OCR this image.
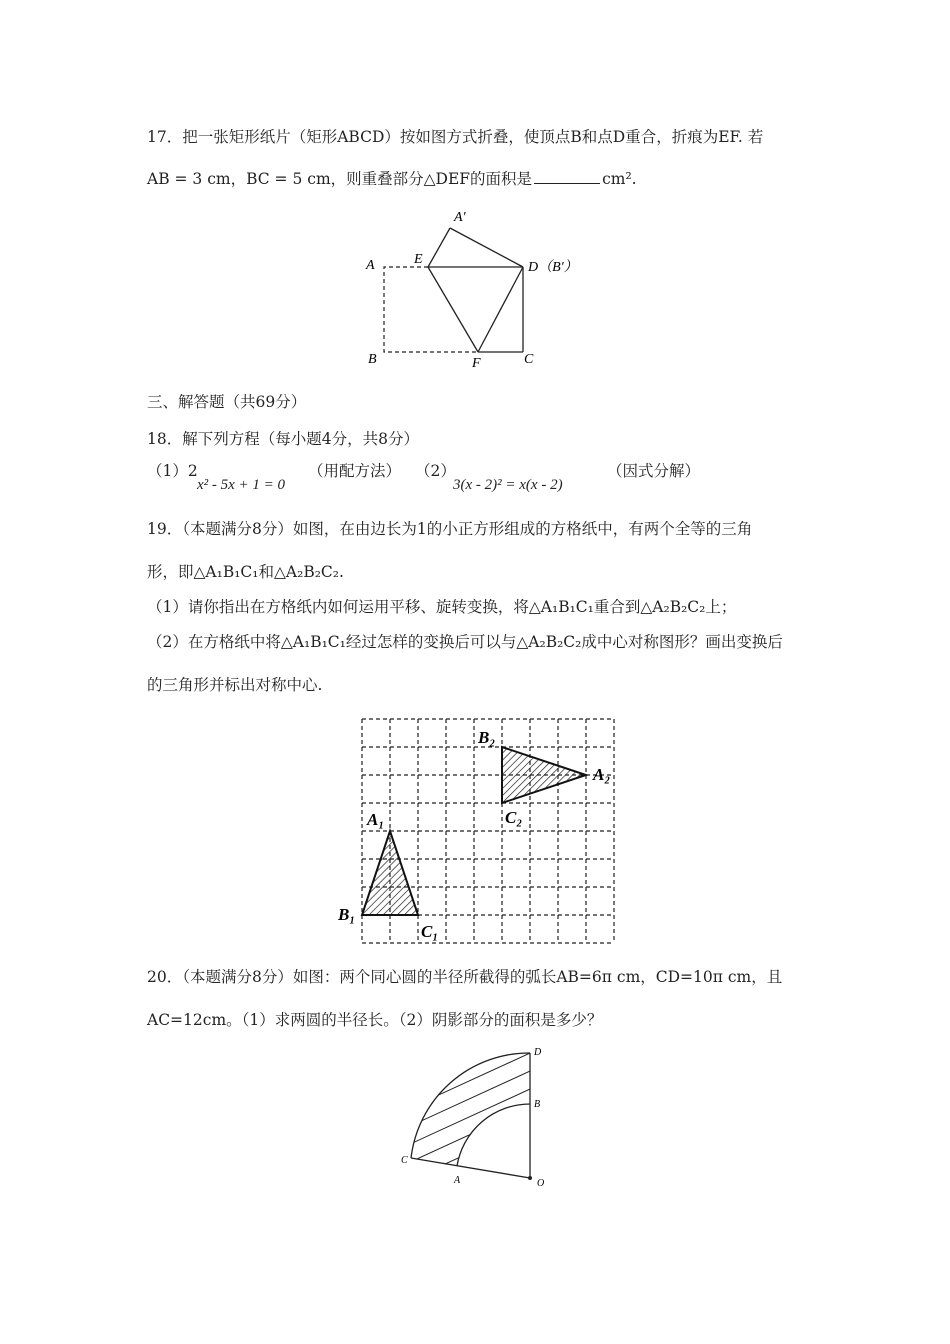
17．把一张矩形纸片（矩形ABCD）按如图方式折叠，使顶点B和点D重合，折痕为EF. 若
AB = 3 cm，BC = 5 cm，则重叠部分△DEF的面积是	cm².
A'
A	E
D（B'）
B	F	C
三、解答题（共69分）
18．解下列方程（每小题4分，共8分）
（1）2
x² - 5x + 1 = 0
（用配方法） （2）
3(x - 2)² = x(x - 2)
（因式分解）
19．（本题满分8分）如图，在由边长为1的小正方形组成的方格纸中，有两个全等的三角
形，即△A₁B₁C₁和△A₂B₂C₂.
（1）请你指出在方格纸内如何运用平移、旋转变换，将△A₁B₁C₁重合到△A₂B₂C₂上；
（2）在方格纸中将△A₁B₁C₁经过怎样的变换后可以与△A₂B₂C₂成中心对称图形？画出变换后
的三角形并标出对称中心.
A₁
B₁
C₁
B₂
A₂
C₂
20．（本题满分8分）如图：两个同心圆的半径所截得的弧长AB=6π cm，CD=10π cm，且
AC=12cm。（1）求两圆的半径长。（2）阴影部分的面积是多少？
D
B
C
A	O
